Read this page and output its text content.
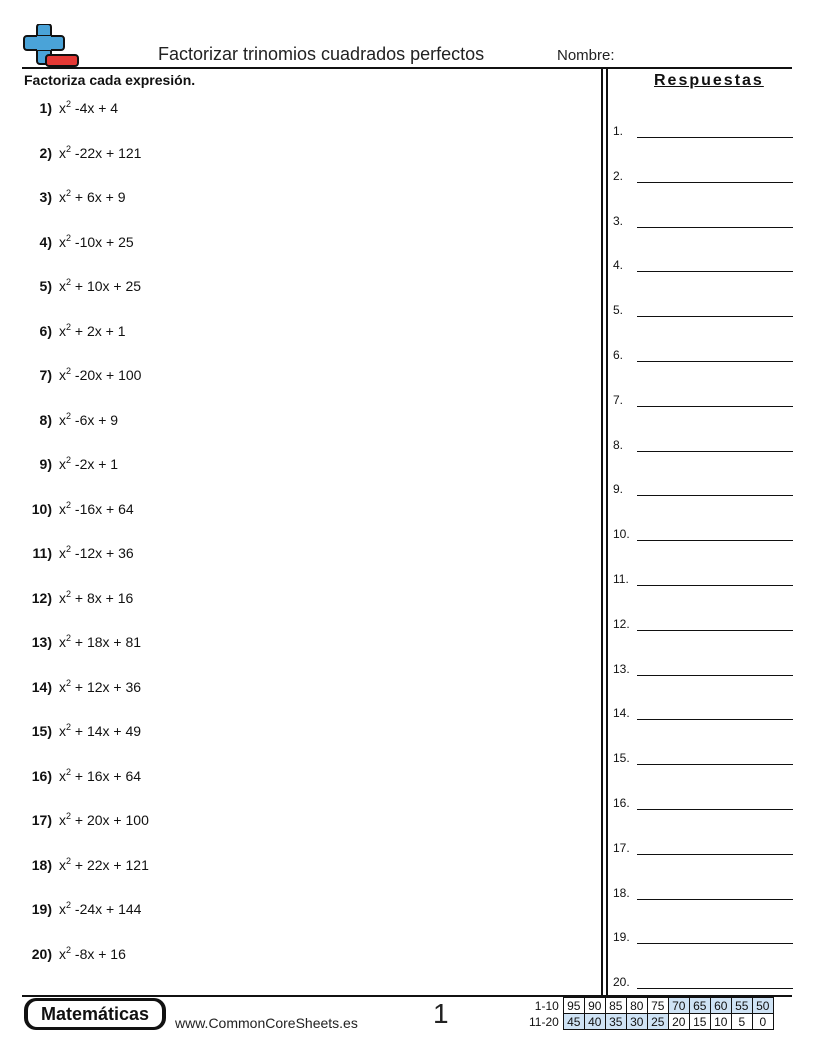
Factorizar trinomios cuadrados perfectos	Nombre:
Factoriza cada expresión.	Respuestas
1) $x^2$ -4x + 4
2) $x^2$ -22x + 121
3) $x^2 + 6x + 9$
4) $x^2$ -10x + 25
5) $x^2 + 10x + 25$
6) $x^2 + 2x + 1$
7) $x^2$ -20x + 100
8) $x^2$ -6x + 9
9) $x^2$ -2x + 1
10) $x^2$ -16x + 64
11) $x^2$ -12x + 36
12) $x^2 + 8x + 16$
13) $x^2 + 18x + 81$
14) $x^2 + 12x + 36$
15) $x^2 + 14x + 49$
16) $x^2 + 16x + 64$
17) $x^2 + 20x + 100$
18) $x^2 + 22x + 121$
19) $x^2$ -24x + 144
20) $x^2$ -8x + 16
1.
2.
3.
4.
5.
6.
7.
8.
9.
10.
11.
12.
13.
14.
15.
16.
17.
18.
19.
20.
Matemáticas	www.CommonCoreSheets.es	1	1-10	95	90	85	80	75	70	65	60	55	50
11-20	45	40	35	30	25	20	15	10	5	0
